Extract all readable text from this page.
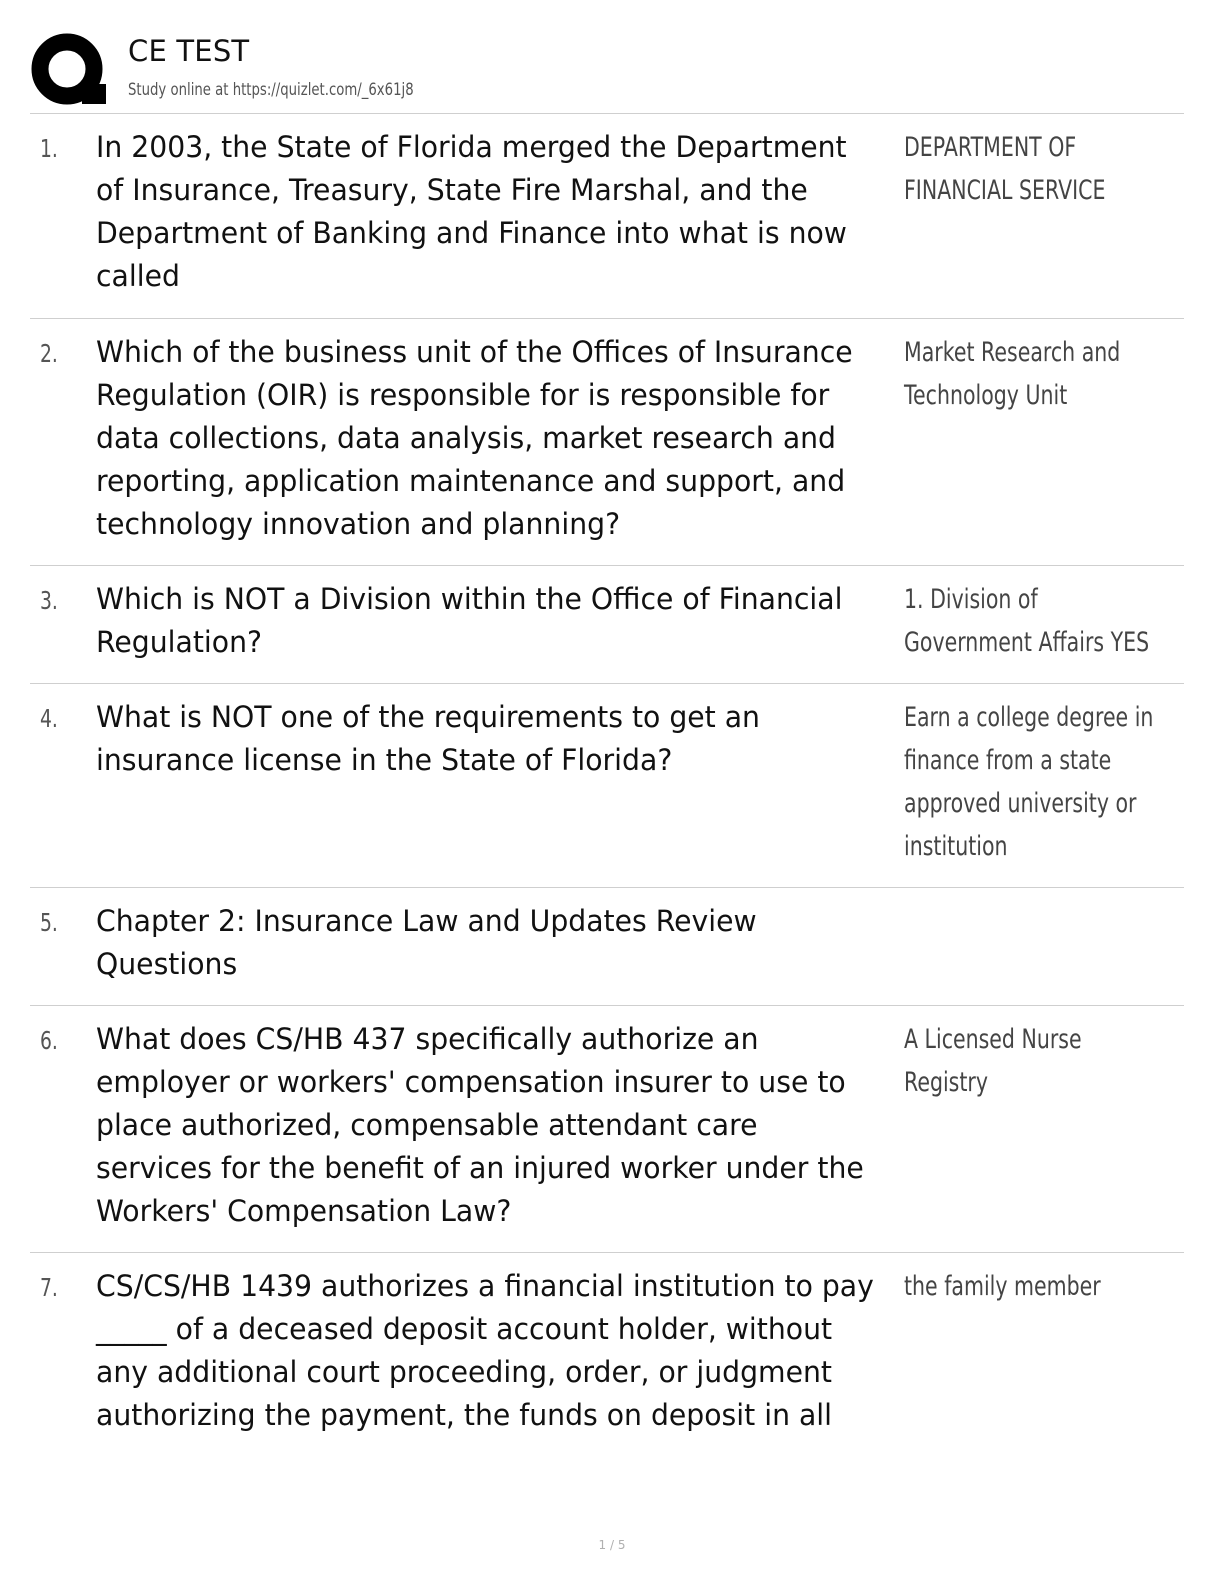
CE TEST
Study online at https://quizlet.com/_6x61j8
1. In 2003, the State of Florida merged the Department of Insurance, Treasury, State Fire Marshal, and the Department of Banking and Finance into what is now called
DEPARTMENT OF FINANCIAL SERVICE
2. Which of the business unit of the Offices of Insurance Regulation (OIR) is responsible for is responsible for data collections, data analysis, market research and reporting, application maintenance and support, and technology innovation and planning?
Market Research and Technology Unit
3. Which is NOT a Division within the Office of Financial Regulation?
1. Division of Government Affairs YES
4. What is NOT one of the requirements to get an insurance license in the State of Florida?
Earn a college degree in finance from a state approved university or institution
5. Chapter 2: Insurance Law and Updates Review Questions
6. What does CS/HB 437 specifically authorize an employer or workers' compensation insurer to use to place authorized, compensable attendant care services for the benefit of an injured worker under the Workers' Compensation Law?
A Licensed Nurse Registry
7. CS/CS/HB 1439 authorizes a financial institution to pay _____ of a deceased deposit account holder, without any additional court proceeding, order, or judgment authorizing the payment, the funds on deposit in all
the family member
1 / 5
